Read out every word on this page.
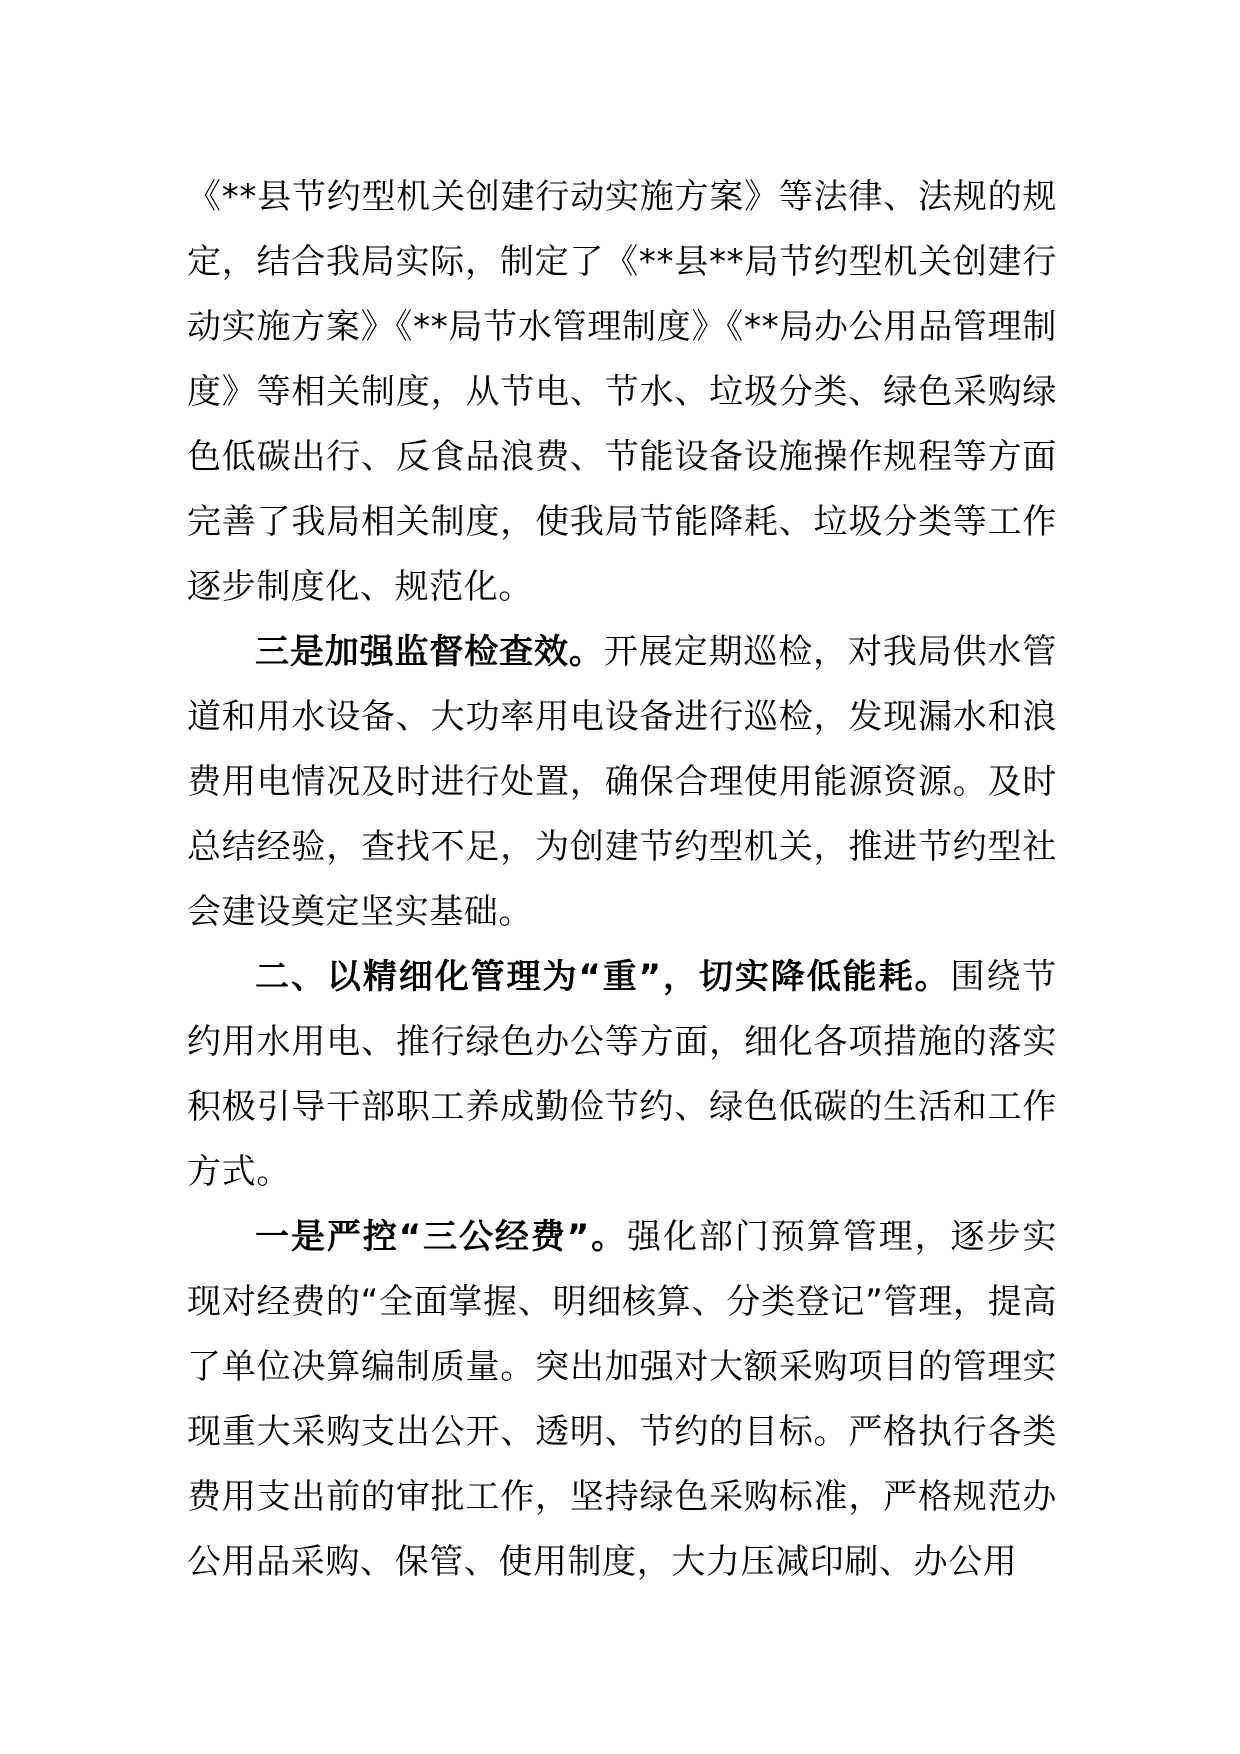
《**县节约型机关创建行动实施方案》等法律、法规的规定，结合我局实际，制定了《**县**局节约型机关创建行动实施方案》《**局节水管理制度》《**局办公用品管理制度》等相关制度，从节电、节水、垃圾分类、绿色采购绿色低碳出行、反食品浪费、节能设备设施操作规程等方面完善了我局相关制度，使我局节能降耗、垃圾分类等工作逐步制度化、规范化。

三是加强监督检查效。开展定期巡检，对我局供水管道和用水设备、大功率用电设备进行巡检，发现漏水和浪费用电情况及时进行处置，确保合理使用能源资源。及时总结经验，查找不足，为创建节约型机关，推进节约型社会建设奠定坚实基础。

二、以精细化管理为“重”，切实降低能耗。围绕节约用水用电、推行绿色办公等方面，细化各项措施的落实积极引导干部职工养成勤俭节约、绿色低碳的生活和工作方式。

一是严控“三公经费”。强化部门预算管理，逐步实现对经费的“全面掌握、明细核算、分类登记”管理，提高了单位决算编制质量。突出加强对大额采购项目的管理实现重大采购支出公开、透明、节约的目标。严格执行各类费用支出前的审批工作，坚持绿色采购标准，严格规范办公用品采购、保管、使用制度，大力压减印刷、办公用
